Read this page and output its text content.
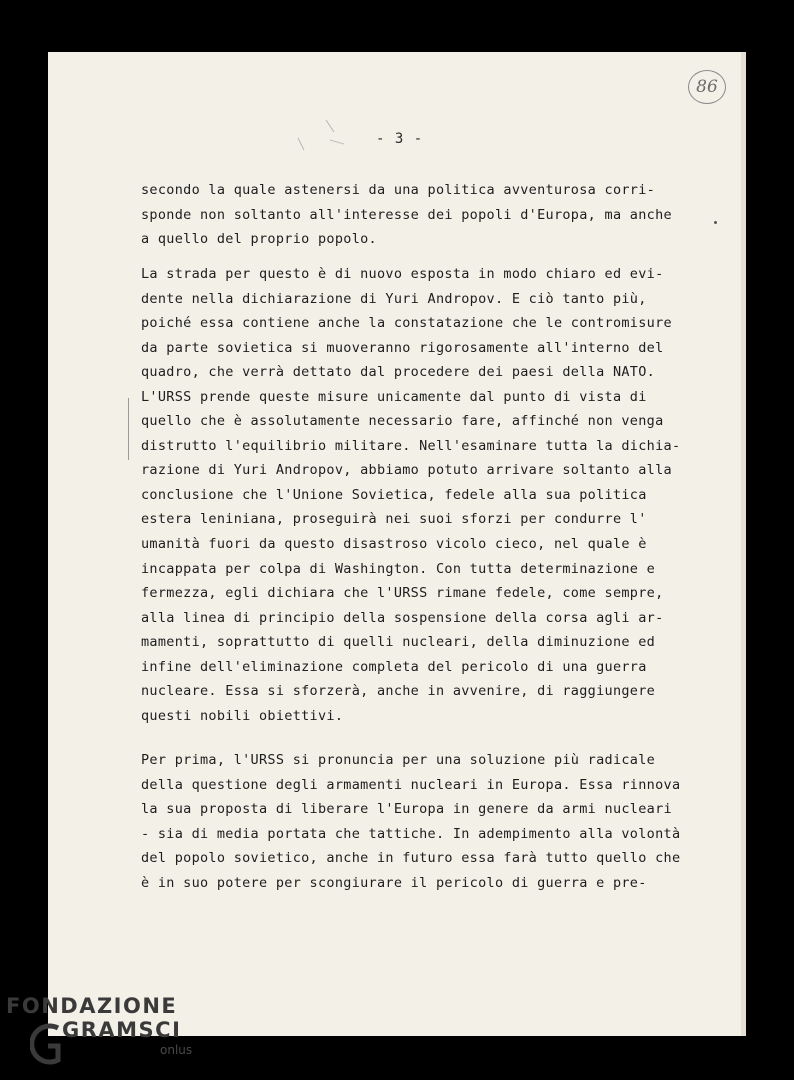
- 3 -
86
secondo la quale astenersi da una politica avventurosa corri-
sponde non soltanto all'interesse dei popoli d'Europa, ma anche
a quello del proprio popolo.
La strada per questo è di nuovo esposta in modo chiaro ed evi-
dente nella dichiarazione di Yuri Andropov. E ciò tanto più,
poiché essa contiene anche la constatazione che le contromisure
da parte sovietica si muoveranno rigorosamente all'interno del
quadro, che verrà dettato dal procedere dei paesi della NATO.
L'URSS prende queste misure unicamente dal punto di vista di
quello che è assolutamente necessario fare, affinché non venga
distrutto l'equilibrio militare. Nell'esaminare tutta la dichia-
razione di Yuri Andropov, abbiamo potuto arrivare soltanto alla
conclusione che l'Unione Sovietica, fedele alla sua politica
estera leniniana, proseguirà nei suoi sforzi per condurre l'
umanità fuori da questo disastroso vicolo cieco, nel quale è
incappata per colpa di Washington. Con tutta determinazione e
fermezza, egli dichiara che l'URSS rimane fedele, come sempre,
alla linea di principio della sospensione della corsa agli ar-
mamenti, soprattutto di quelli nucleari, della diminuzione ed
infine dell'eliminazione completa del pericolo di una guerra
nucleare. Essa si sforzerà, anche in avvenire, di raggiungere
questi nobili obiettivi.
Per prima, l'URSS si pronuncia per una soluzione più radicale
della questione degli armamenti nucleari in Europa. Essa rinnova
la sua proposta di liberare l'Europa in genere da armi nucleari
- sia di media portata che tattiche. In adempimento alla volontà
del popolo sovietico, anche in futuro essa farà tutto quello che
è in suo potere per scongiurare il pericolo di guerra e pre-
FONDAZIONE
GRAMSCI
onlus
